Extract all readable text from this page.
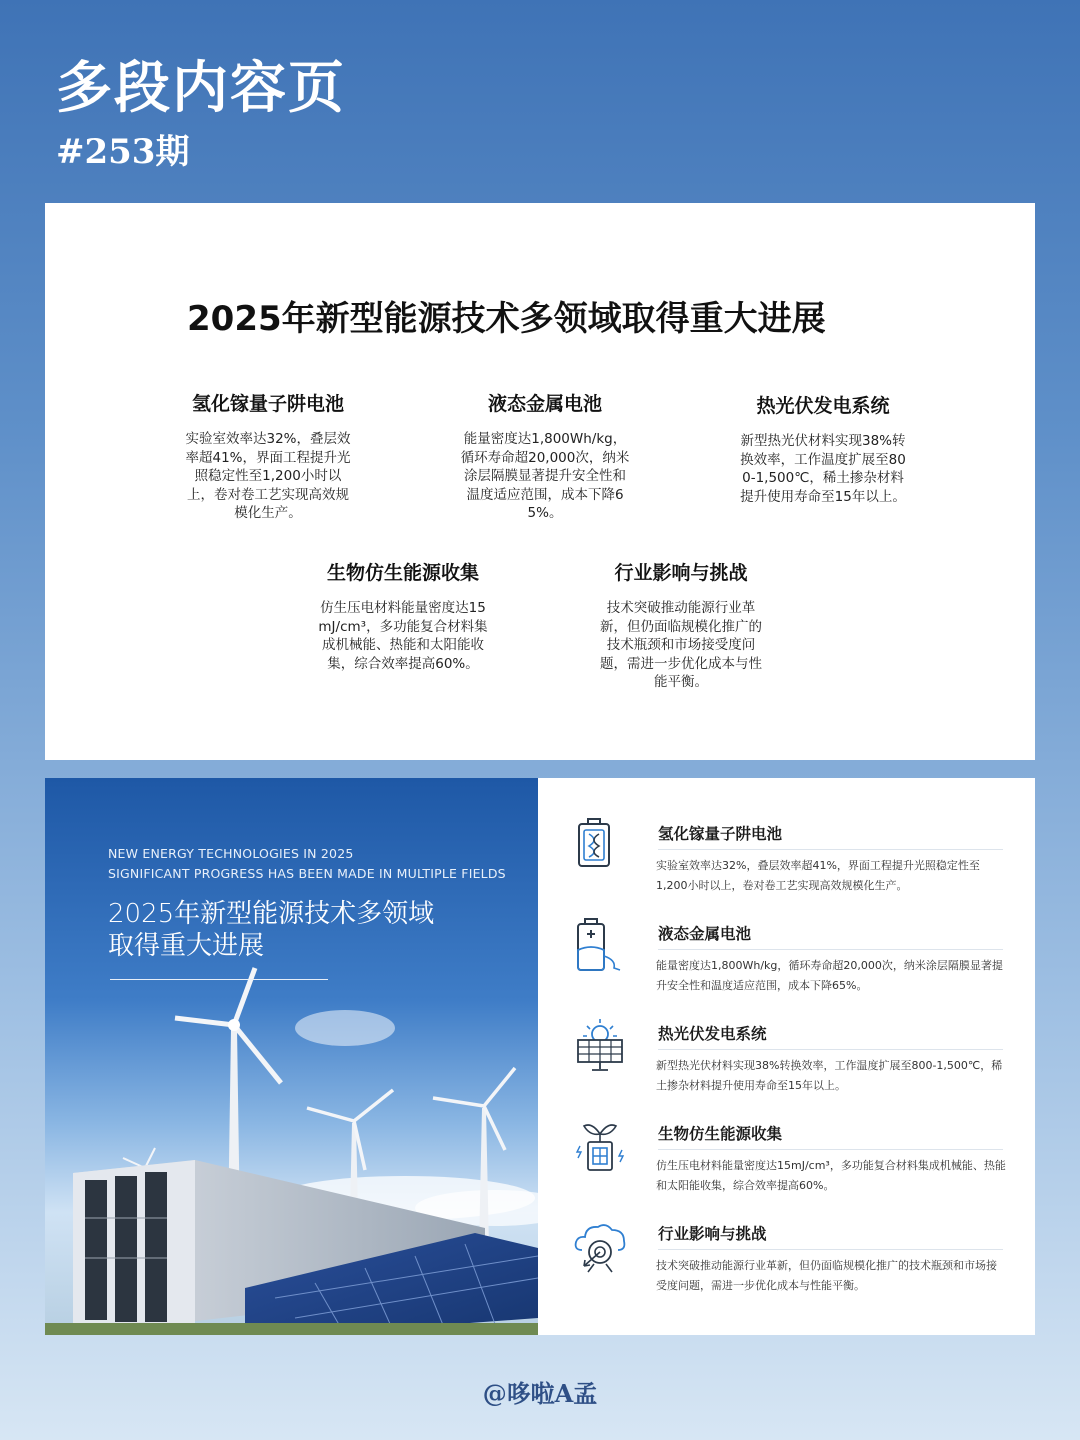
多段内容页
#253期
2025年新型能源技术多领域取得重大进展
氢化镓量子阱电池

实验室效率达32%，叠层效率超41%，界面工程提升光照稳定性至1,200小时以上，卷对卷工艺实现高效规模化生产。

液态金属电池

能量密度达1,800Wh/kg，循环寿命超20,000次，纳米涂层隔膜显著提升安全性和温度适应范围，成本下降65%。

热光伏发电系统

新型热光伏材料实现38%转换效率，工作温度扩展至800-1,500℃，稀土掺杂材料提升使用寿命至15年以上。

生物仿生能源收集

仿生压电材料能量密度达15mJ/cm³，多功能复合材料集成机械能、热能和太阳能收集，综合效率提高60%。

行业影响与挑战

技术突破推动能源行业革新，但仍面临规模化推广的技术瓶颈和市场接受度问题，需进一步优化成本与性能平衡。

NEW ENERGY TECHNOLOGIES IN 2025
SIGNIFICANT PROGRESS HAS BEEN MADE IN MULTIPLE FIELDS
2025年新型能源技术多领域
取得重大进展
氢化镓量子阱电池

实验室效率达32%，叠层效率超41%，界面工程提升光照稳定性至1,200小时以上，卷对卷工艺实现高效规模化生产。

液态金属电池

能量密度达1,800Wh/kg，循环寿命超20,000次，纳米涂层隔膜显著提升安全性和温度适应范围，成本下降65%。

热光伏发电系统

新型热光伏材料实现38%转换效率，工作温度扩展至800-1,500℃，稀土掺杂材料提升使用寿命至15年以上。

生物仿生能源收集

仿生压电材料能量密度达15mJ/cm³，多功能复合材料集成机械能、热能和太阳能收集，综合效率提高60%。

行业影响与挑战

技术突破推动能源行业革新，但仍面临规模化推广的技术瓶颈和市场接受度问题，需进一步优化成本与性能平衡。

@哆啦A孟
